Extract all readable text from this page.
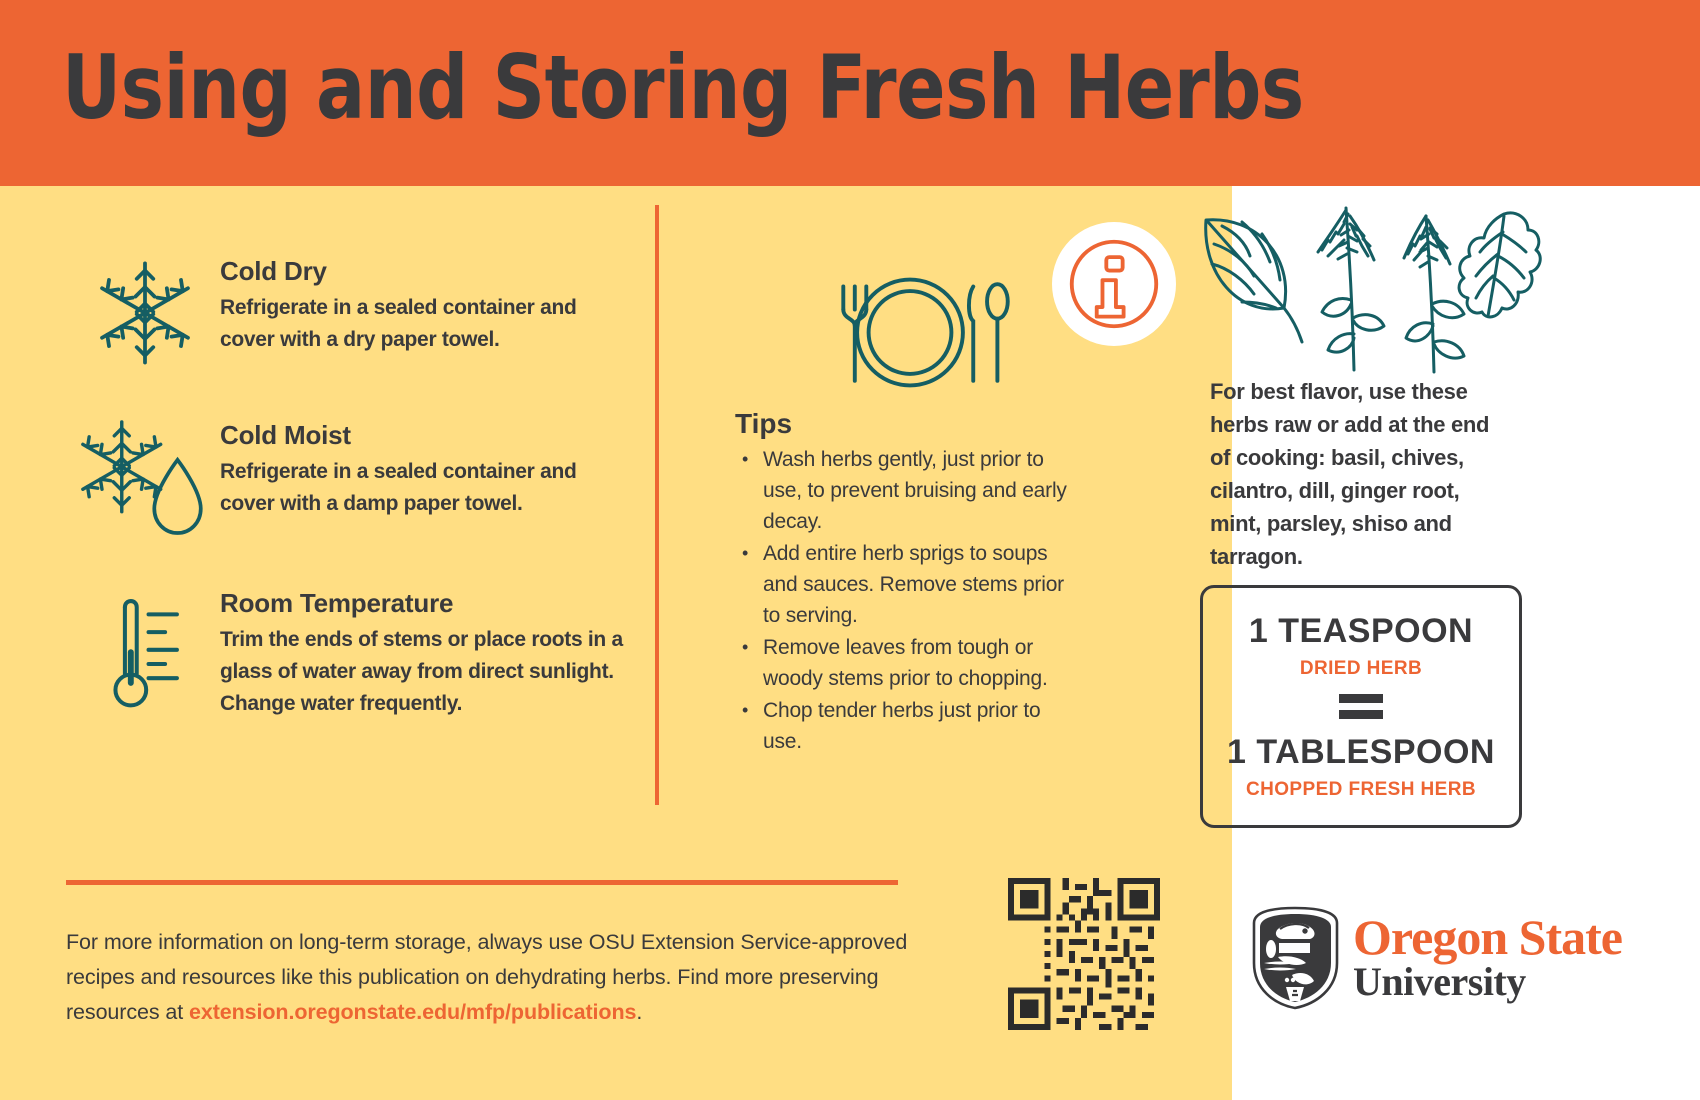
Using and Storing Fresh Herbs
Cold Dry
Refrigerate in a sealed container and cover with a dry paper towel.
Cold Moist
Refrigerate in a sealed container and cover with a damp paper towel.
Room Temperature
Trim the ends of stems or place roots in a glass of water away from direct sunlight. Change water frequently.
Tips
• Wash herbs gently, just prior to use, to prevent bruising and early decay.
• Add entire herb sprigs to soups and sauces. Remove stems prior to serving.
• Remove leaves from tough or woody stems prior to chopping.
• Chop tender herbs just prior to use.
For more information on long-term storage, always use OSU Extension Service-approved recipes and resources like this publication on dehydrating herbs. Find more preserving resources at extension.oregonstate.edu/mfp/publications.
For best flavor, use these herbs raw or add at the end of cooking: basil, chives, cilantro, dill, ginger root, mint, parsley, shiso and tarragon.
1 TEASPOON
DRIED HERB
1 TABLESPOON
CHOPPED FRESH HERB
Oregon State
University
